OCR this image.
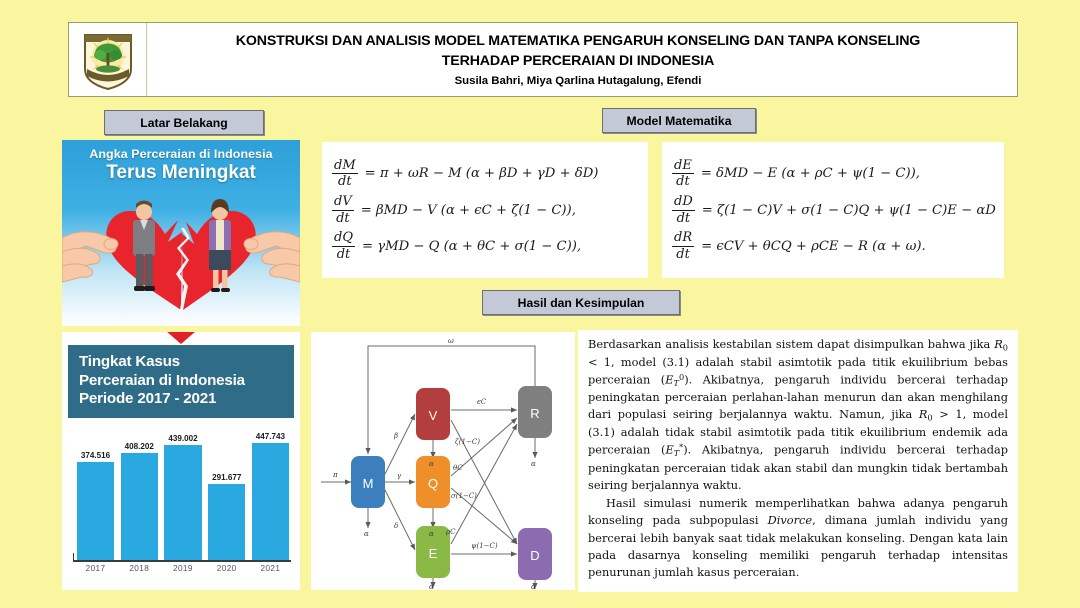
KONSTRUKSI DAN ANALISIS MODEL MATEMATIKA PENGARUH KONSELING DAN TANPA KONSELING
TERHADAP PERCERAIAN DI INDONESIA
Susila Bahri, Miya Qarlina Hutagalung, Efendi
Latar Belakang	Model Matematika
Hasil dan Kesimpulan
$\frac{dM}{dt} = \pi + \omega R - M$ (α + βD + γD + δD)
$\frac{dV}{dt} = \beta MD - V$ (α + ϵC + ζ(1 − C)),
$\frac{dQ}{dt} = \gamma MD - Q$ (α + θC + σ(1 − C)),
$\frac{dE}{dt} = \delta MD - E$ (α + ρC + ψ(1 − C)),
$\frac{dD}{dt} = \zeta(1 - C)V + \sigma(1 - C)Q + \psi(1 - C)E - \alpha D$
$\frac{dR}{dt} = \epsilon CV + \theta CQ + \rho CE - R$ (α + ω).
Angka Perceraian di Indonesia
Terus Meningkat
Tingkat Kasus
Perceraian di Indonesia
Periode 2017 - 2021
374.516
408.202
439.002
291.677
447.743
2017	2018	2019	2020	2021
M
V
Q
E
R
D
π
β
γ
δ
ϵC
ζ(1−C)
θC
σ(1−C)
ρC
ψ(1−C)
ω
α
α
α
α
α
α

Berdasarkan analisis kestabilan sistem dapat disimpulkan bahwa jika $R_0 < 1$, model (3.1) adalah stabil asimtotik pada titik ekuilibrium bebas perceraian $(E_T^0)$. Akibatnya, pengaruh individu bercerai terhadap peningkatan perceraian perlahan-lahan menurun dan akan menghilang dari populasi seiring berjalannya waktu. Namun, jika $R_0 > 1$, model (3.1) adalah tidak stabil asimtotik pada titik ekuilibrium endemik ada perceraian $(E_T^*)$. Akibatnya, pengaruh individu bercerai terhadap peningkatan perceraian tidak akan stabil dan mungkin tidak bertambah seiring berjalannya waktu.

Hasil simulasi numerik memperlihatkan bahwa adanya pengaruh konseling pada subpopulasi Divorce, dimana jumlah individu yang bercerai lebih banyak saat tidak melakukan konseling. Dengan kata lain pada dasarnya konseling memiliki pengaruh terhadap intensitas penurunan jumlah kasus perceraian.
